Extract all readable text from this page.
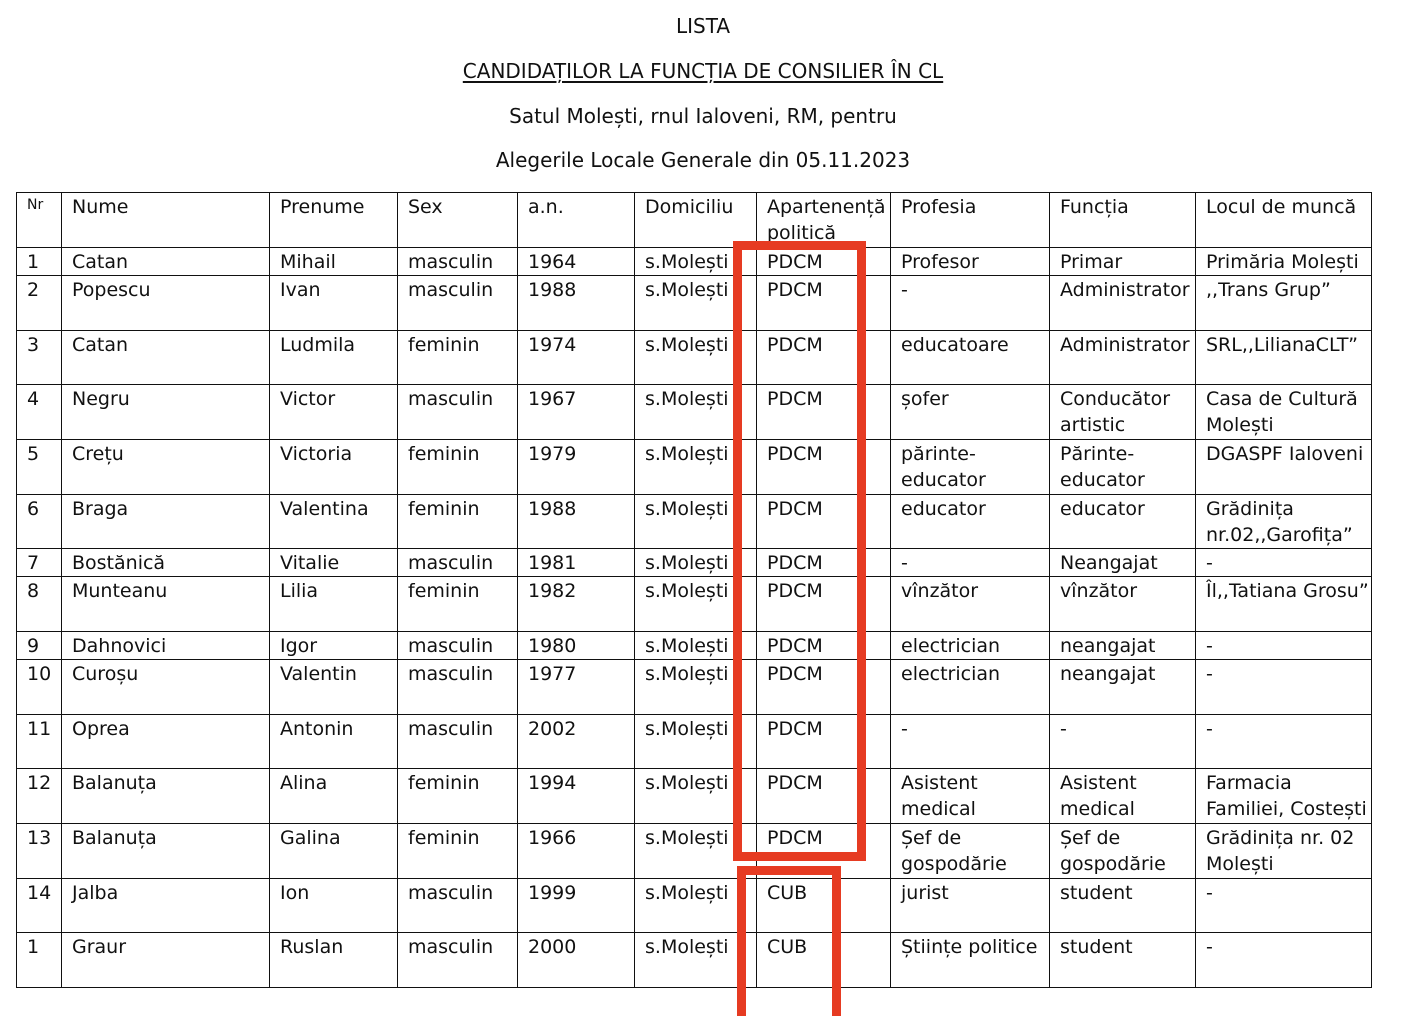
LISTA
CANDIDAȚILOR LA FUNCȚIA DE CONSILIER ÎN CL
Satul Molești, rnul Ialoveni, RM, pentru
Alegerile Locale Generale din 05.11.2023
Nr	Nume	Prenume	Sex	a.n.	Domiciliu	Apartenență politică	Profesia	Funcția	Locul de muncă
1	Catan	Mihail	masculin	1964	s.Molești	PDCM	Profesor	Primar	Primăria Molești
2	Popescu	Ivan	masculin	1988	s.Molești	PDCM	-	Administrator	,,Trans Grup”
3	Catan	Ludmila	feminin	1974	s.Molești	PDCM	educatoare	Administrator	SRL,,LilianaCLT”
4	Negru	Victor	masculin	1967	s.Molești	PDCM	șofer	Conducător artistic	Casa de Cultură Molești
5	Crețu	Victoria	feminin	1979	s.Molești	PDCM	părinte-educator	Părinte-educator	DGASPF Ialoveni
6	Braga	Valentina	feminin	1988	s.Molești	PDCM	educator	educator	Grădinița nr.02,,Garofița”
7	Bostănică	Vitalie	masculin	1981	s.Molești	PDCM	-	Neangajat	-
8	Munteanu	Lilia	feminin	1982	s.Molești	PDCM	vînzător	vînzător	Îl,,Tatiana Grosu”
9	Dahnovici	Igor	masculin	1980	s.Molești	PDCM	electrician	neangajat	-
10	Curoșu	Valentin	masculin	1977	s.Molești	PDCM	electrician	neangajat	-
11	Oprea	Antonin	masculin	2002	s.Molești	PDCM	-	-	-
12	Balanuța	Alina	feminin	1994	s.Molești	PDCM	Asistent medical	Asistent medical	Farmacia Familiei, Costești
13	Balanuța	Galina	feminin	1966	s.Molești	PDCM	Șef de gospodărie	Șef de gospodărie	Grădinița nr. 02 Molești
14	Jalba	Ion	masculin	1999	s.Molești	CUB	jurist	student	-
1	Graur	Ruslan	masculin	2000	s.Molești	CUB	Științe politice	student	-
